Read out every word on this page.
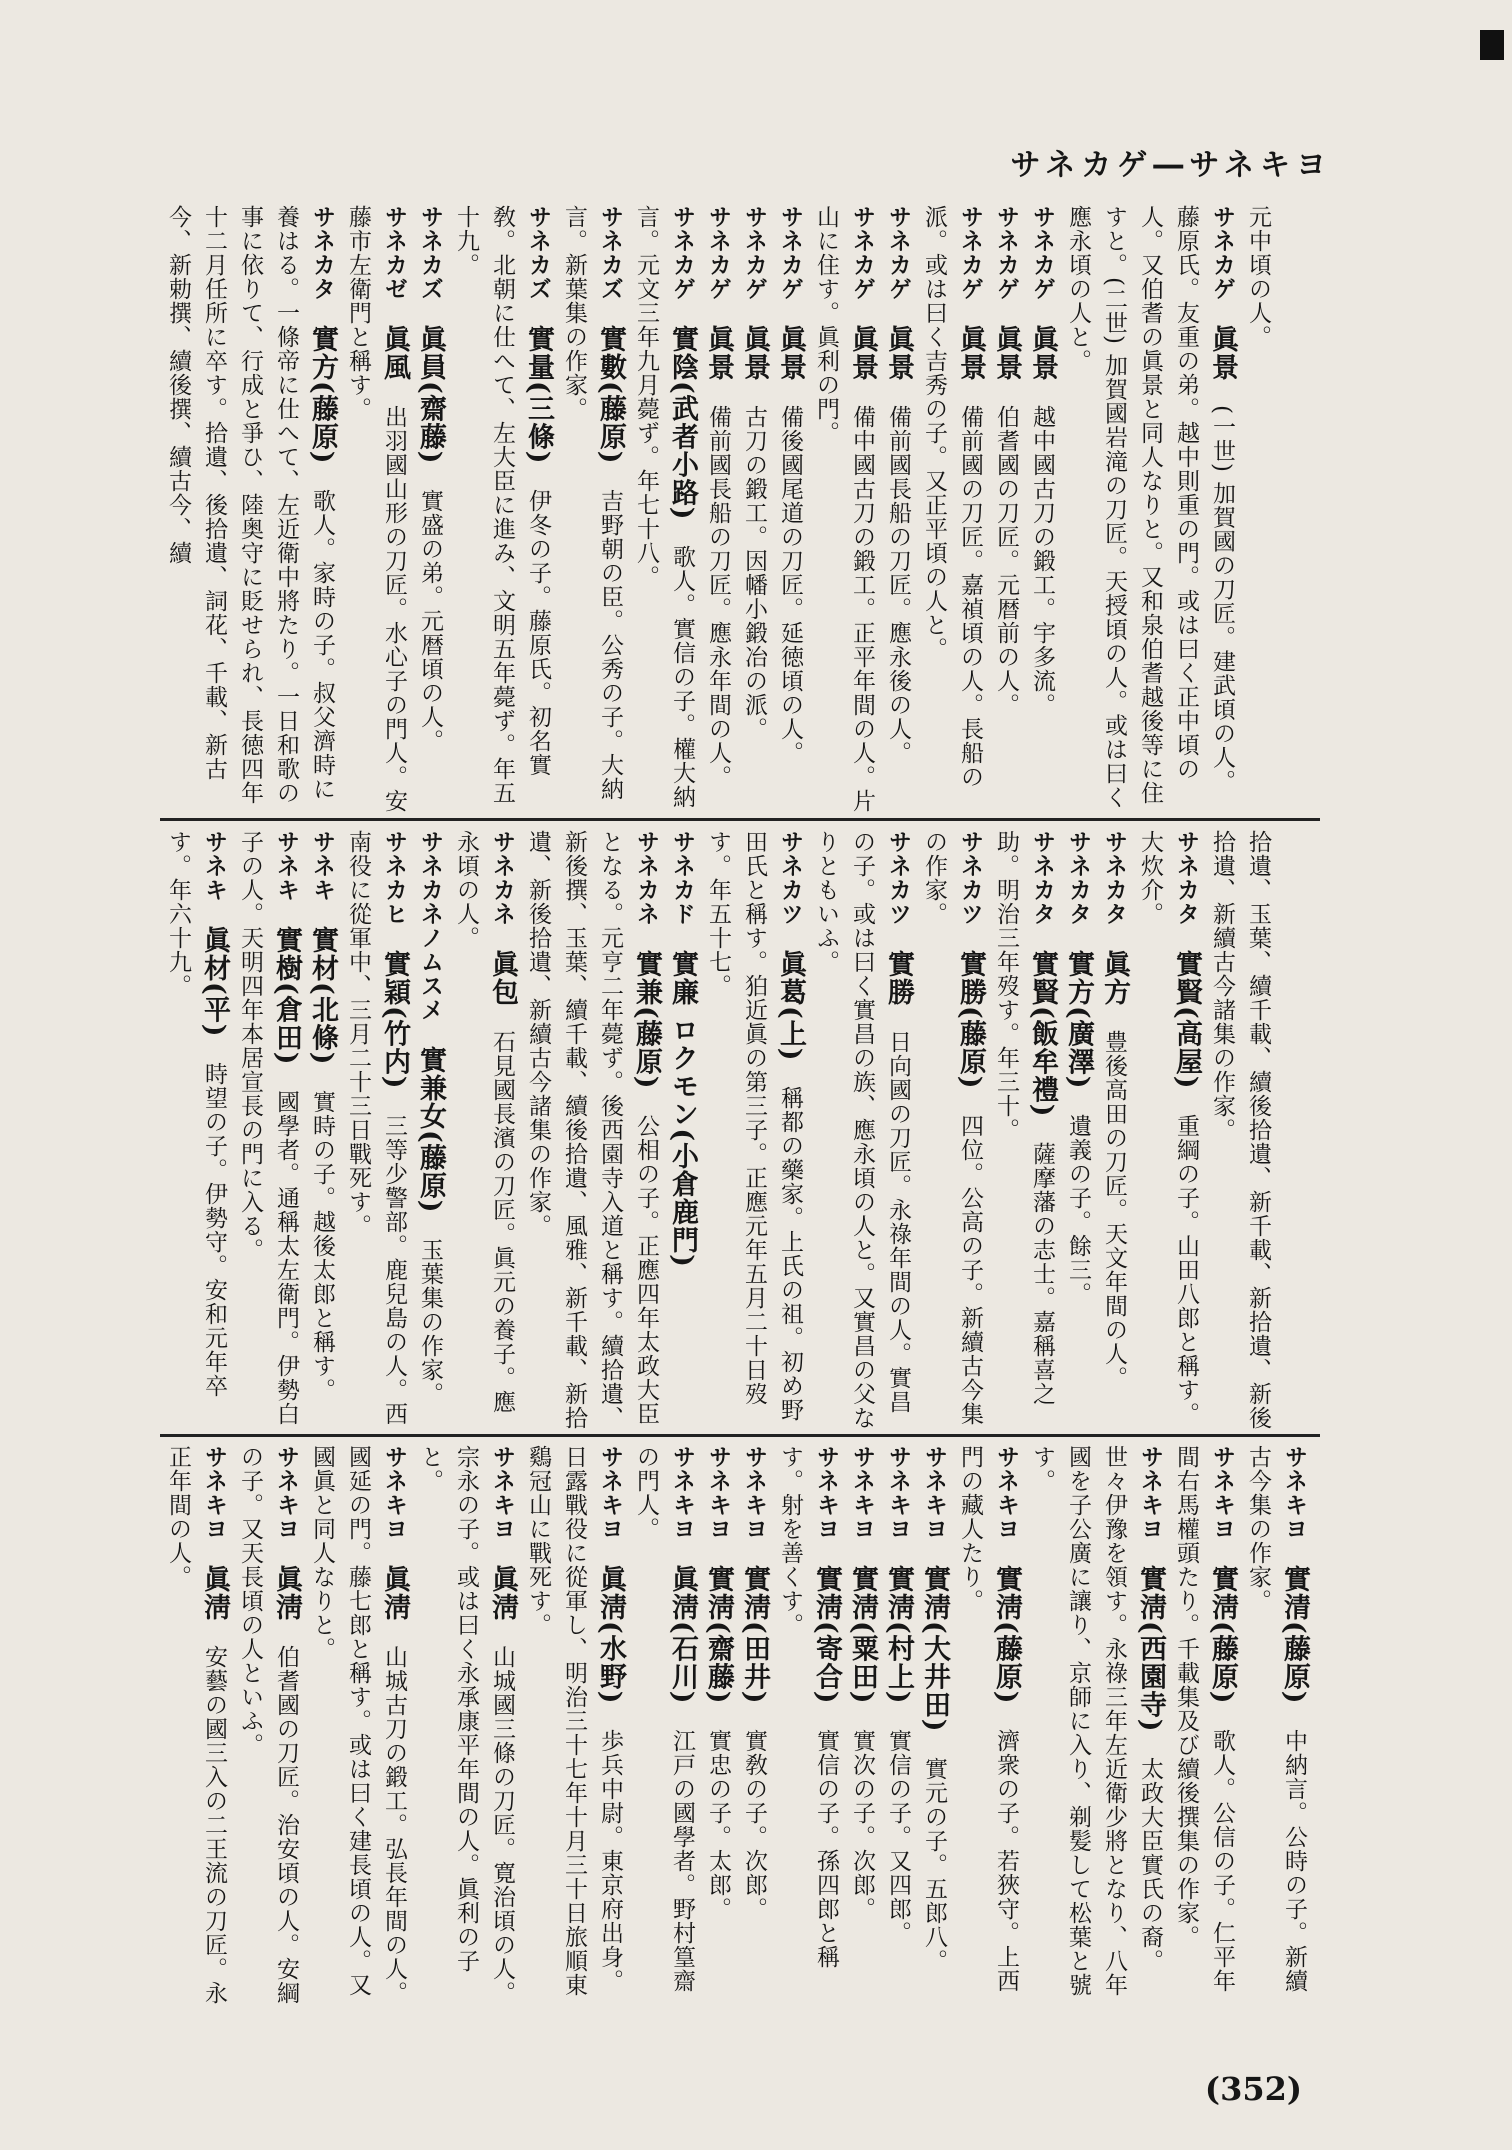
サネカゲ―サネキヨ
元中頃の人。
サネカゲ　眞景　(一世) 加賀國の刀匠。建武頃の人。藤原氏。友重の弟。越中則重の門。或は曰く正中頃の人。又伯耆の眞景と同人なりと。又和泉伯耆越後等に住すと。(二世) 加賀國岩滝の刀匠。天授頃の人。或は曰く應永頃の人と。
サネカゲ　眞景　越中國古刀の鍛工。宇多流。
サネカゲ　眞景　伯耆國の刀匠。元暦前の人。
サネカゲ　眞景　備前國の刀匠。嘉禎頃の人。長船の派。或は曰く吉秀の子。又正平頃の人と。
サネカゲ　眞景　備前國長船の刀匠。應永後の人。
サネカゲ　眞景　備中國古刀の鍛工。正平年間の人。片山に住す。眞利の門。
サネカゲ　眞景　備後國尾道の刀匠。延徳頃の人。
サネカゲ　眞景　古刀の鍛工。因幡小鍛冶の派。
サネカゲ　眞景　備前國長船の刀匠。應永年間の人。
サネカゲ　實陰(武者小路)　歌人。實信の子。權大納言。元文三年九月薨ず。年七十八。
サネカズ　實數(藤原)　吉野朝の臣。公秀の子。大納言。新葉集の作家。
サネカズ　實量(三條)　伊冬の子。藤原氏。初名實敎。北朝に仕へて、左大臣に進み、文明五年薨ず。年五十九。
サネカズ　眞員(齋藤)　實盛の弟。元暦頃の人。
サネカゼ　眞風　出羽國山形の刀匠。水心子の門人。安藤市左衛門と稱す。
サネカタ　實方(藤原)　歌人。家時の子。叔父濟時に養はる。一條帝に仕へて、左近衛中將たり。一日和歌の事に依りて、行成と爭ひ、陸奥守に貶せられ、長徳四年十二月任所に卒す。拾遺、後拾遺、詞花、千載、新古今、新勅撰、續後撰、續古今、續
拾遺、玉葉、續千載、續後拾遺、新千載、新拾遺、新後拾遺、新續古今諸集の作家。
サネカタ　實賢(高屋)　重綱の子。山田八郎と稱す。大炊介。
サネカタ　眞方　豊後高田の刀匠。天文年間の人。
サネカタ　實方(廣澤)　遺義の子。餘三。
サネカタ　實賢(飯牟禮)　薩摩藩の志士。嘉稱喜之助。明治三年歿す。年三十。
サネカツ　實勝(藤原)　四位。公高の子。新續古今集の作家。
サネカツ　實勝　日向國の刀匠。永祿年間の人。實昌の子。或は曰く實昌の族、應永頃の人と。又實昌の父なりともいふ。
サネカツ　眞葛(上)　稱都の藥家。上氏の祖。初め野田氏と稱す。狛近眞の第三子。正應元年五月二十日歿す。年五十七。
サネカド　實廉 ロクモン(小倉鹿門)
サネカネ　實兼(藤原)　公相の子。正應四年太政大臣となる。元亨二年薨ず。後西園寺入道と稱す。續拾遺、新後撰、玉葉、續千載、續後拾遺、風雅、新千載、新拾遺、新後拾遺、新續古今諸集の作家。
サネカネ　眞包　石見國長濱の刀匠。眞元の養子。應永頃の人。
サネカネノムスメ　實兼女(藤原)　玉葉集の作家。
サネカヒ　實穎(竹内)　三等少警部。鹿兒島の人。西南役に從軍中、三月二十三日戰死す。
サネキ　實材(北條)　實時の子。越後太郎と稱す。
サネキ　實樹(倉田)　國學者。通稱太左衛門。伊勢白子の人。天明四年本居宣長の門に入る。
サネキ　眞材(平)　時望の子。伊勢守。安和元年卒す。年六十九。
サネキヨ　實清(藤原)　中納言。公時の子。新續古今集の作家。
サネキヨ　實淸(藤原)　歌人。公信の子。仁平年間右馬權頭たり。千載集及び續後撰集の作家。
サネキヨ　實淸(西園寺)　太政大臣實氏の裔。世々伊豫を領す。永祿三年左近衛少將となり、八年國を子公廣に讓り、京師に入り、剃髪して松葉と號す。
サネキヨ　實淸(藤原)　濟衆の子。若狹守。上西門の藏人たり。
サネキヨ　實淸(大井田)　實元の子。五郎八。
サネキヨ　實淸(村上)　實信の子。又四郎。
サネキヨ　實淸(粟田)　實次の子。次郎。
サネキヨ　實淸(寄合)　實信の子。孫四郎と稱す。射を善くす。
サネキヨ　實淸(田井)　實敎の子。次郎。
サネキヨ　實淸(齋藤)　實忠の子。太郎。
サネキヨ　眞淸(石川)　江戸の國學者。野村篁齋の門人。
サネキヨ　眞淸(水野)　歩兵中尉。東京府出身。日露戰役に從軍し、明治三十七年十月三十日旅順東鷄冠山に戰死す。
サネキヨ　眞淸　山城國三條の刀匠。寛治頃の人。宗永の子。或は曰く永承康平年間の人。眞利の子と。
サネキヨ　眞淸　山城古刀の鍛工。弘長年間の人。國延の門。藤七郎と稱す。或は曰く建長頃の人。又國眞と同人なりと。
サネキヨ　眞淸　伯耆國の刀匠。治安頃の人。安綱の子。又天長頃の人といふ。
サネキヨ　眞淸　安藝の國三入の二王流の刀匠。永正年間の人。
(352)
